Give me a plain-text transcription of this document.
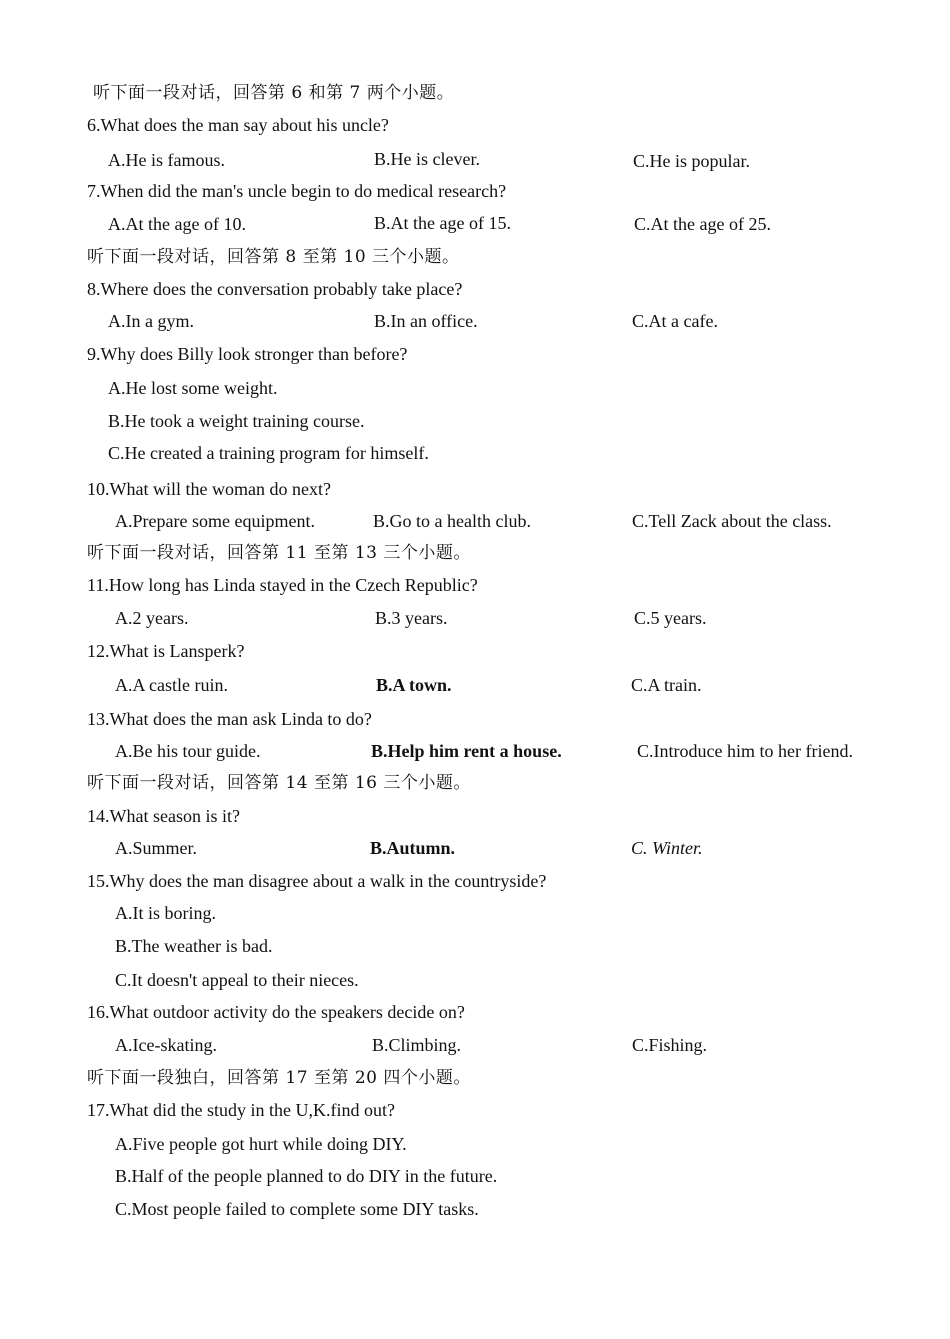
听下面一段对话，回答第 6 和第 7 两个小题。
6.What does the man say about his uncle?
A.He is famous.	B.He is clever.	C.He is popular.
7.When did the man's uncle begin to do medical research?
A.At the age of 10.	B.At the age of 15.	C.At the age of 25.
听下面一段对话，回答第 8 至第 10 三个小题。
8.Where does the conversation probably take place?
A.In a gym.	B.In an office.	C.At a cafe.
9.Why does Billy look stronger than before?
A.He lost some weight.
B.He took a weight training course.
C.He created a training program for himself.
10.What will the woman do next?
A.Prepare some equipment.	B.Go to a health club.	C.Tell Zack about the class.
听下面一段对话，回答第 11 至第 13 三个小题。
11.How long has Linda stayed in the Czech Republic?
A.2 years.	B.3 years.	C.5 years.
12.What is Lansperk?
A.A castle ruin.	B.A town.	C.A train.
13.What does the man ask Linda to do?
A.Be his tour guide.	B.Help him rent a house.	C.Introduce him to her friend.
听下面一段对话，回答第 14 至第 16 三个小题。
14.What season is it?
A.Summer.	B.Autumn.	C. Winter.
15.Why does the man disagree about a walk in the countryside?
A.It is boring.
B.The weather is bad.
C.It doesn't appeal to their nieces.
16.What outdoor activity do the speakers decide on?
A.Ice-skating.	B.Climbing.	C.Fishing.
听下面一段独白，回答第 17 至第 20 四个小题。
17.What did the study in the U,K.find out?
A.Five people got hurt while doing DIY.
B.Half of the people planned to do DIY in the future.
C.Most people failed to complete some DIY tasks.
